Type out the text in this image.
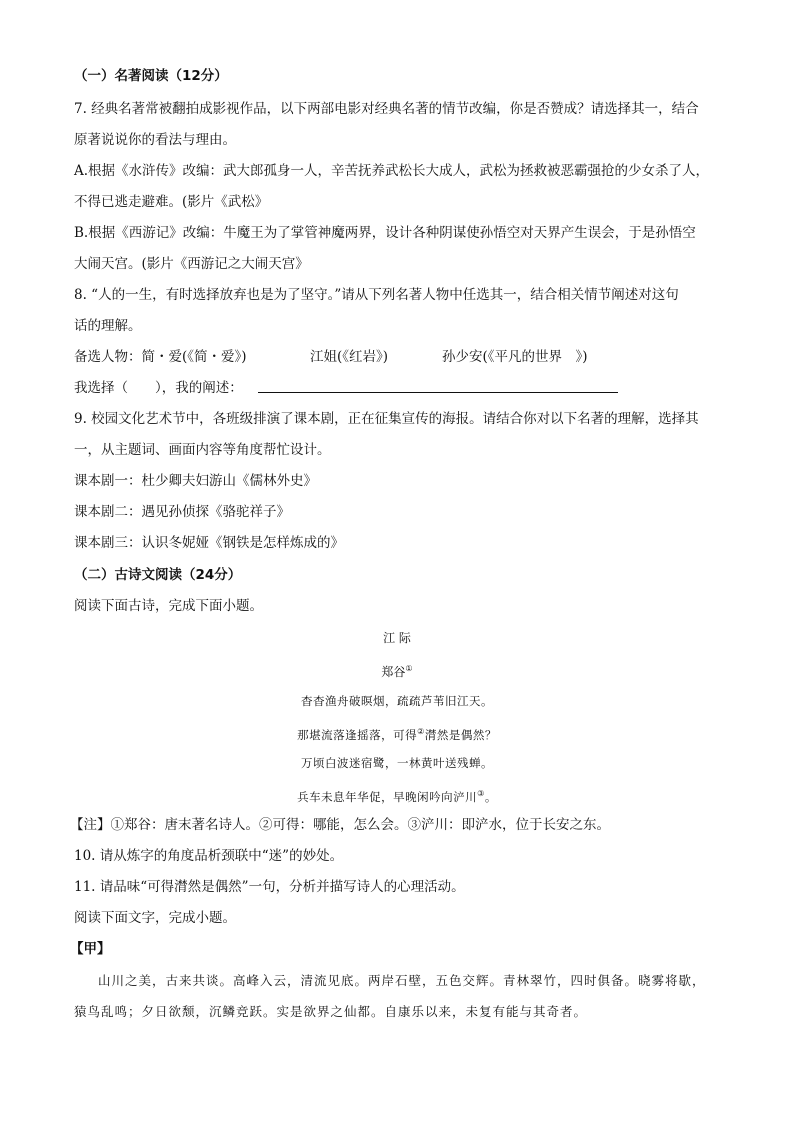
（一）名著阅读（12分）
7. 经典名著常被翻拍成影视作品，以下两部电影对经典名著的情节改编，你是否赞成？请选择其一，结合
原著说说你的看法与理由。
A.根据《水浒传》改编：武大郎孤身一人，辛苦抚养武松长大成人，武松为拯救被恶霸强抢的少女杀了人，
不得已逃走避难。(影片《武松》
B.根据《西游记》改编：牛魔王为了掌管神魔两界，设计各种阴谋使孙悟空对天界产生误会，于是孙悟空
大闹天宫。(影片《西游记之大闹天宫》
8. “人的一生，有时选择放弃也是为了坚守。”请从下列名著人物中任选其一，结合相关情节阐述对这句
话的理解。
备选人物：简・爱(《简・爱》)	江姐(《红岩》)	孙少安(《平凡的世界　》)
我选择（　　），我的阐述：
9. 校园文化艺术节中，各班级排演了课本剧，正在征集宣传的海报。请结合你对以下名著的理解，选择其
一，从主题词、画面内容等角度帮忙设计。
课本剧一：杜少卿夫妇游山《儒林外史》
课本剧二：遇见孙侦探《骆驼祥子》
课本剧三：认识冬妮娅《钢铁是怎样炼成的》
（二）古诗文阅读（24分）
阅读下面古诗，完成下面小题。
江 际
郑谷①
杳杳渔舟破暝烟，疏疏芦苇旧江天。
那堪流落逢摇落，可得②潸然是偶然？
万顷白波迷宿鹭，一林黄叶送残蝉。
兵车未息年华促，早晚闲吟向浐川③。
【注】①郑谷：唐末著名诗人。②可得：哪能，怎么会。③浐川：即浐水，位于长安之东。
10. 请从炼字的角度品析颈联中“迷”的妙处。
11. 请品味“可得潸然是偶然”一句，分析并描写诗人的心理活动。
阅读下面文字，完成小题。
【甲】
山川之美，古来共谈。高峰入云，清流见底。两岸石壁，五色交辉。青林翠竹，四时俱备。晓雾将歇，
猿鸟乱鸣；夕日欲颓，沉鳞竞跃。实是欲界之仙都。自康乐以来，未复有能与其奇者。
